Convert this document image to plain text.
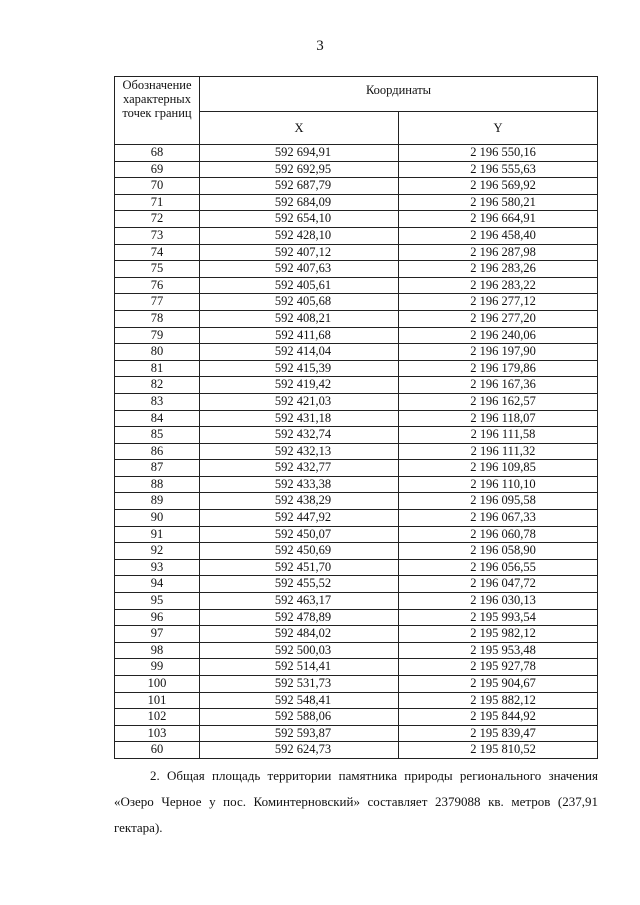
3
Обозначение характерных точек границ	Координаты	
	X	Y
68	592 694,91	2 196 550,16
69	592 692,95	2 196 555,63
70	592 687,79	2 196 569,92
71	592 684,09	2 196 580,21
72	592 654,10	2 196 664,91
73	592 428,10	2 196 458,40
74	592 407,12	2 196 287,98
75	592 407,63	2 196 283,26
76	592 405,61	2 196 283,22
77	592 405,68	2 196 277,12
78	592 408,21	2 196 277,20
79	592 411,68	2 196 240,06
80	592 414,04	2 196 197,90
81	592 415,39	2 196 179,86
82	592 419,42	2 196 167,36
83	592 421,03	2 196 162,57
84	592 431,18	2 196 118,07
85	592 432,74	2 196 111,58
86	592 432,13	2 196 111,32
87	592 432,77	2 196 109,85
88	592 433,38	2 196 110,10
89	592 438,29	2 196 095,58
90	592 447,92	2 196 067,33
91	592 450,07	2 196 060,78
92	592 450,69	2 196 058,90
93	592 451,70	2 196 056,55
94	592 455,52	2 196 047,72
95	592 463,17	2 196 030,13
96	592 478,89	2 195 993,54
97	592 484,02	2 195 982,12
98	592 500,03	2 195 953,48
99	592 514,41	2 195 927,78
100	592 531,73	2 195 904,67
101	592 548,41	2 195 882,12
102	592 588,06	2 195 844,92
103	592 593,87	2 195 839,47
60	592 624,73	2 195 810,52
2. Общая площадь территории памятника природы регионального значения «Озеро Черное у пос. Коминтерновский» составляет 2379088 кв. метров (237,91 гектара).
